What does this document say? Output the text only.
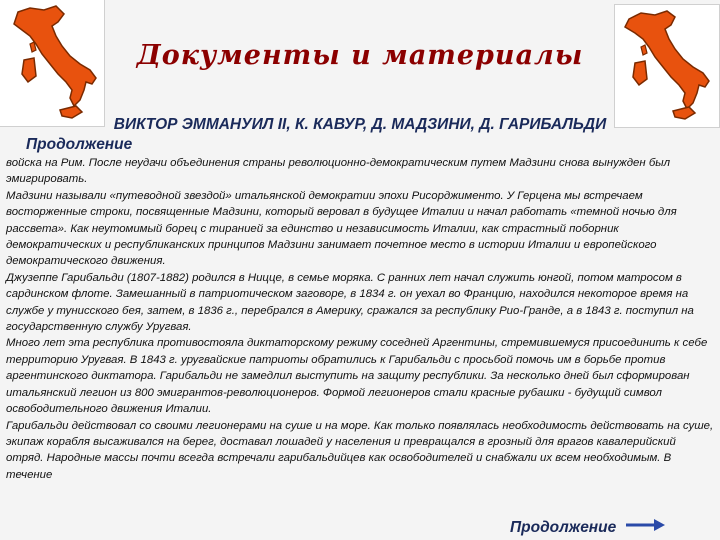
Документы и материалы
ВИКТОР ЭММАНУИЛ II, К. КАВУР, Д. МАДЗИНИ, Д. ГАРИБАЛЬДИ
Продолжение

войска на Рим. После неудачи объединения страны революционно-демократическим путем Мадзини снова вынужден был эмигрировать.

Мадзини называли «путеводной звездой» итальянской демократии эпохи Рисорджименто. У Герцена мы встречаем восторженные строки, посвященные Мадзини, который веровал в будущее Италии и начал работать «темной ночью для рассвета». Как неутомимый борец с тиранией за единство и независимость Италии, как страстный поборник демократических и республиканских принципов Мадзини занимает почетное место в истории Италии и европейского демократического движения.

Джузеппе Гарибальди (1807-1882) родился в Ницце, в семье моряка. С ранних лет начал служить юнгой, потом матросом в сардинском флоте. Замешанный в патриотическом заговоре, в 1834 г. он уехал во Францию, находился некоторое время на службе у тунисского бея, затем, в 1836 г., перебрался в Америку, сражался за республику Рио-Гранде, а в 1843 г. поступил на государственную службу Уругвая.

Много лет эта республика противостояла диктаторскому режиму соседней Аргентины, стремившемуся присоединить к себе территорию Уругвая. В 1843 г. уругвайские патриоты обратились к Гарибальди с просьбой помочь им в борьбе против аргентинского диктатора. Гарибальди не замедлил выступить на защиту республики. За несколько дней был сформирован итальянский легион из 800 эмигрантов-революционеров. Формой легионеров стали красные рубашки - будущий символ освободительного движения Италии.

Гарибальди действовал со своими легионерами на суше и на море. Как только появлялась необходимость действовать на суше, экипаж корабля высаживался на берег, доставал лошадей у населения и превращался в грозный для врагов кавалерийский отряд. Народные массы почти всегда встречали гарибальдийцев как освободителей и снабжали их всем необходимым. В течение

Продолжение
